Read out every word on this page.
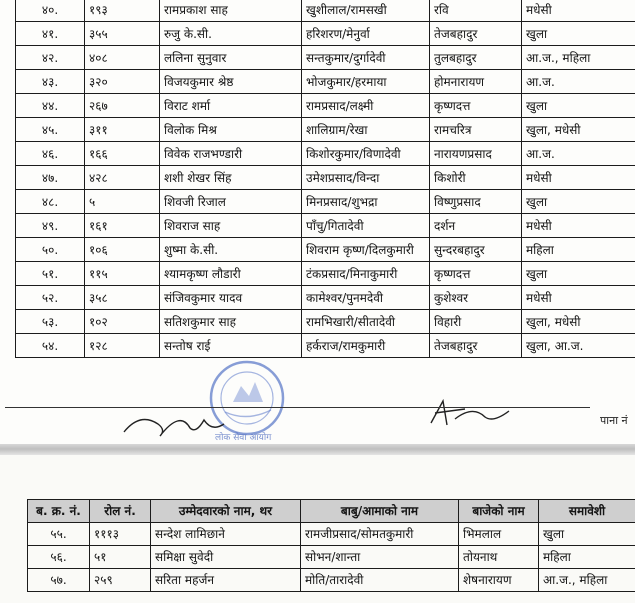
४०.	१९३	रामप्रकाश साह	खुशीलाल/रामसखी	रवि	मधेसी
४१.	३५५	रुजु के.सी.	हरिशरण/मेनुर्वा	तेजबहादुर	खुला
४२.	४०८	ललिना सुनुवार	सन्तकुमार/दुर्गादेवी	तुलबहादुर	आ.ज., महिला
४३.	३२०	विजयकुमार श्रेष्ठ	भोजकुमार/हरमाया	होमनारायण	आ.ज.
४४.	२६७	विराट शर्मा	रामप्रसाद/लक्ष्मी	कृष्णदत्त	खुला
४५.	३११	विलोक मिश्र	शालिग्राम/रेखा	रामचरित्र	खुला, मधेसी
४६.	१६६	विवेक राजभण्डारी	किशोरकुमार/विणादेवी	नारायणप्रसाद	आ.ज.
४७.	४२८	शशी शेखर सिंह	उमेशप्रसाद/विन्दा	किशोरी	मधेसी
४८.	५	शिवजी रिजाल	मिनप्रसाद/शुभद्रा	विष्णुप्रसाद	खुला
४९.	१६१	शिवराज साह	पाँचु/गितादेवी	दर्शन	मधेसी
५०.	१०६	शुष्मा के.सी.	शिवराम कृष्ण/दिलकुमारी	सुन्दरबहादुर	महिला
५१.	११५	श्यामकृष्ण लौडारी	टंकप्रसाद/मिनाकुमारी	कृष्णदत्त	खुला
५२.	३५८	संजिवकुमार यादव	कामेश्वर/पुनमदेवी	कुशेश्वर	मधेसी
५३.	१०२	सतिशकुमार साह	रामभिखारी/सीतादेवी	विहारी	खुला, मधेसी
५४.	१२८	सन्तोष राई	हर्कराज/रामकुमारी	तेजबहादुर	खुला, आ.ज.
लोक सेवा आयोग
पाना नं
ब. क्र. नं.	रोल नं.	उम्मेदवारको नाम, थर	बाबु/आमाको नाम	बाजेको नाम	समावेशी
५५.	१११३	सन्देश लामिछाने	रामजीप्रसाद/सोमतकुमारी	भिमलाल	खुला
५६.	५१	समिक्षा सुवेदी	सोभन/शान्ता	तोयनाथ	महिला
५७.	२५९	सरिता महर्जन	मोति/तारादेवी	शेषनारायण	आ.ज., महिला
